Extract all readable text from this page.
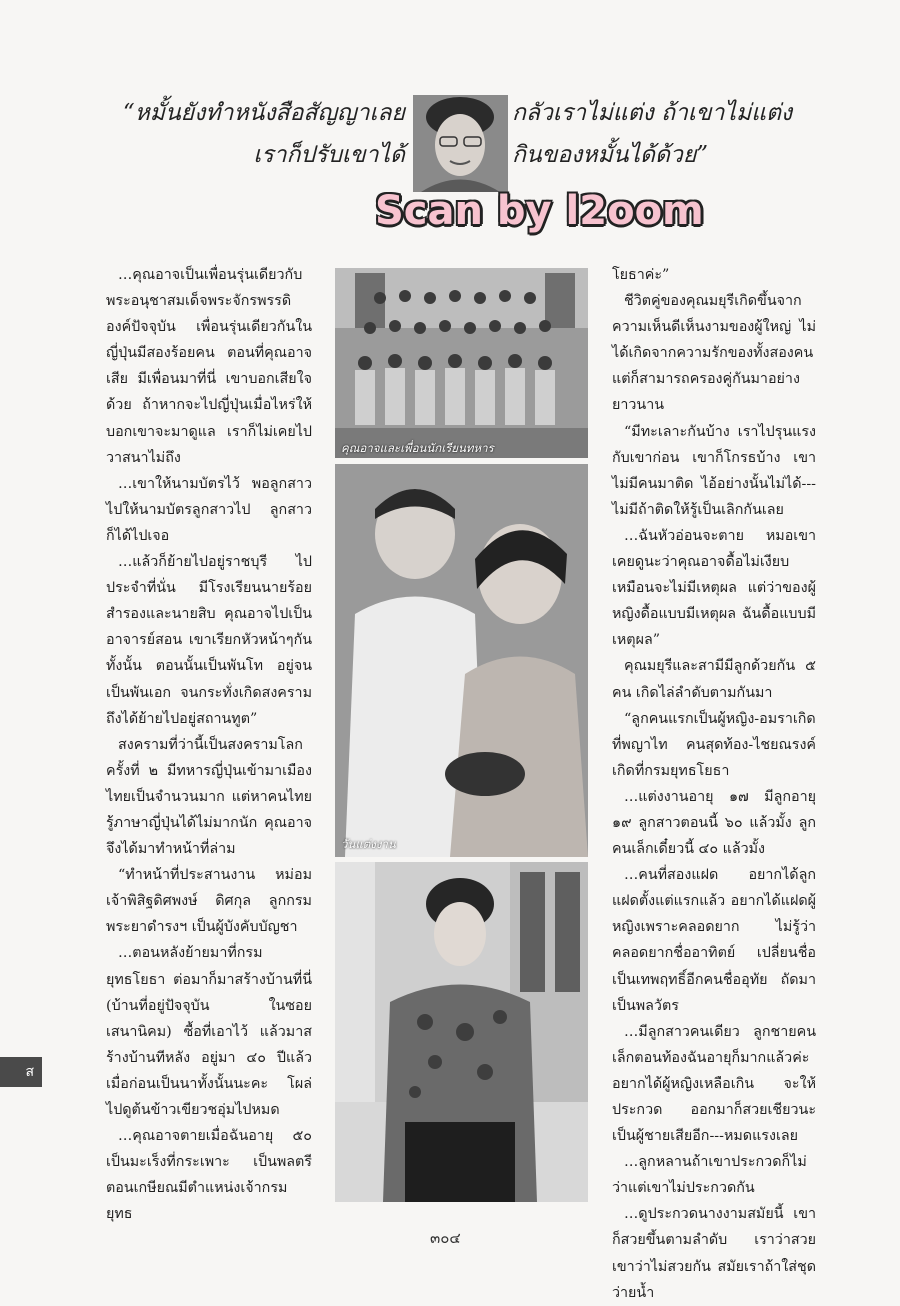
“หมั้นยังทำหนังสือสัญญาเลย
เราก็ปรับเขาได้
กลัวเราไม่แต่ง ถ้าเขาไม่แต่ง
กินของหมั้นได้ด้วย”
Scan by l2oom

…คุณอาจเป็นเพื่อนรุ่นเดียวกับพระอนุชาสมเด็จพระจักรพรรดิองค์ปัจจุบัน เพื่อนรุ่นเดียวกันในญี่ปุ่นมีสองร้อยคน ตอนที่คุณอาจเสีย มีเพื่อนมาที่นี่ เขาบอกเสียใจด้วย ถ้าหากจะไปญี่ปุ่นเมื่อไหร่ให้บอกเขาจะมาดูแล เราก็ไม่เคยไป วาสนาไม่ถึง

…เขาให้นามบัตรไว้ พอลูกสาวไปให้นามบัตรลูกสาวไป ลูกสาวก็ได้ไปเจอ

…แล้วก็ย้ายไปอยู่ราชบุรี ไปประจำที่นั่น มีโรงเรียนนายร้อยสำรองและนายสิบ คุณอาจไปเป็นอาจารย์สอน เขาเรียกหัวหน้าๆกันทั้งนั้น ตอนนั้นเป็นพันโท อยู่จนเป็นพันเอก จนกระทั่งเกิดสงคราม ถึงได้ย้ายไปอยู่สถานทูต”

สงครามที่ว่านี้เป็นสงครามโลกครั้งที่ ๒ มีทหารญี่ปุ่นเข้ามาเมืองไทยเป็นจำนวนมาก แต่หาคนไทยรู้ภาษาญี่ปุ่นได้ไม่มากนัก คุณอาจจึงได้มาทำหน้าที่ล่าม

“ทำหน้าที่ประสานงาน หม่อมเจ้าพิสิฐดิศพงษ์ ดิศกุล ลูกกรมพระยาดำรงฯ เป็นผู้บังคับบัญชา

…ตอนหลังย้ายมาที่กรมยุทธโยธา ต่อมาก็มาสร้างบ้านที่นี่ (บ้านที่อยู่ปัจจุบัน ในซอยเสนานิคม) ซื้อที่เอาไว้ แล้วมาสร้างบ้านทีหลัง อยู่มา ๔๐ ปีแล้ว เมื่อก่อนเป็นนาทั้งนั้นนะคะ โผล่ไปดูต้นข้าวเขียวชอุ่มไปหมด

…คุณอาจตายเมื่อฉันอายุ ๕๐ เป็นมะเร็งที่กระเพาะ เป็นพลตรีตอนเกษียณมีตำแหน่งเจ้ากรมยุทธ

คุณอาจและเพื่อนนักเรียนทหาร
วันแต่งงาน

โยธาค่ะ”

ชีวิตคู่ของคุณมยุรีเกิดขึ้นจากความเห็นดีเห็นงามของผู้ใหญ่ ไม่ได้เกิดจากความรักของทั้งสองคน แต่ก็สามารถครองคู่กันมาอย่างยาวนาน

“มีทะเลาะกันบ้าง เราไปรุนแรงกับเขาก่อน เขาก็โกรธบ้าง เขาไม่มีคนมาติด ไอ้อย่างนั้นไม่ได้---ไม่มีถ้าติดให้รู้เป็นเลิกกันเลย

…ฉันหัวอ่อนจะตาย หมอเขาเคยดูนะว่าคุณอาจดื้อไม่เงียบ เหมือนจะไม่มีเหตุผล แต่ว่าของผู้หญิงดื้อแบบมีเหตุผล ฉันดื้อแบบมีเหตุผล”

คุณมยุรีและสามีมีลูกด้วยกัน ๕ คน เกิดไล่ลำดับตามกันมา

“ลูกคนแรกเป็นผู้หญิง-อมราเกิดที่พญาไท คนสุดท้อง-ไชยณรงค์เกิดที่กรมยุทธโยธา

…แต่งงานอายุ ๑๗ มีลูกอายุ ๑๙ ลูกสาวตอนนี้ ๖๐ แล้วมั้ง ลูกคนเล็กเดี๋ยวนี้ ๔๐ แล้วมั้ง

…คนที่สองแฝด อยากได้ลูกแฝดตั้งแต่แรกแล้ว อยากได้แฝดผู้หญิงเพราะคลอดยาก ไม่รู้ว่าคลอดยากชื่ออาทิตย์ เปลี่ยนชื่อเป็นเทพฤทธิ์อีกคนชื่ออุทัย ถัดมาเป็นพลวัตร

…มีลูกสาวคนเดียว ลูกชายคนเล็กตอนท้องฉันอายุก็มากแล้วค่ะ อยากได้ผู้หญิงเหลือเกิน จะให้ประกวด ออกมาก็สวยเชียวนะ เป็นผู้ชายเสียอีก---หมดแรงเลย

…ลูกหลานถ้าเขาประกวดก็ไม่ว่าแต่เขาไม่ประกวดกัน

…ดูประกวดนางงามสมัยนี้ เขาก็สวยขึ้นตามลำดับ เราว่าสวย เขาว่าไม่สวยกัน สมัยเราถ้าใส่ชุดว่ายน้ำ

ส
๓๐๔
